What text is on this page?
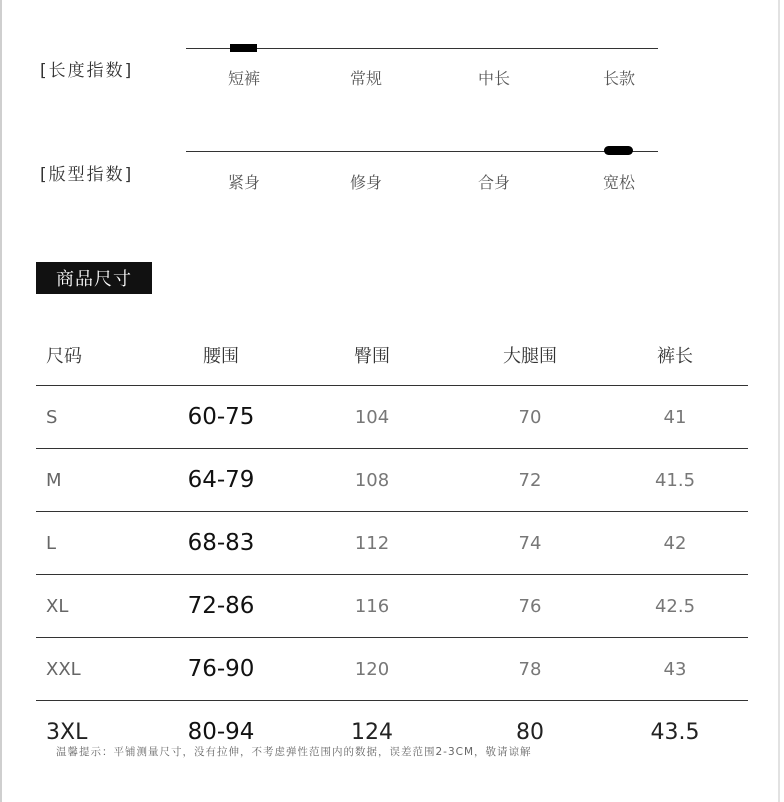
[长度指数]	短裤	常规	中长	长款
[版型指数]	紧身	修身	合身	宽松
商品尺寸
尺码	腰围	臀围	大腿围	裤长
S	60-75	104	70	41
M	64-79	108	72	41.5
L	68-83	112	74	42
XL	72-86	116	76	42.5
XXL	76-90	120	78	43
3XL	80-94	124	80	43.5
温馨提示：平铺测量尺寸，没有拉伸，不考虑弹性范围内的数据，误差范围2-3CM，敬请谅解
